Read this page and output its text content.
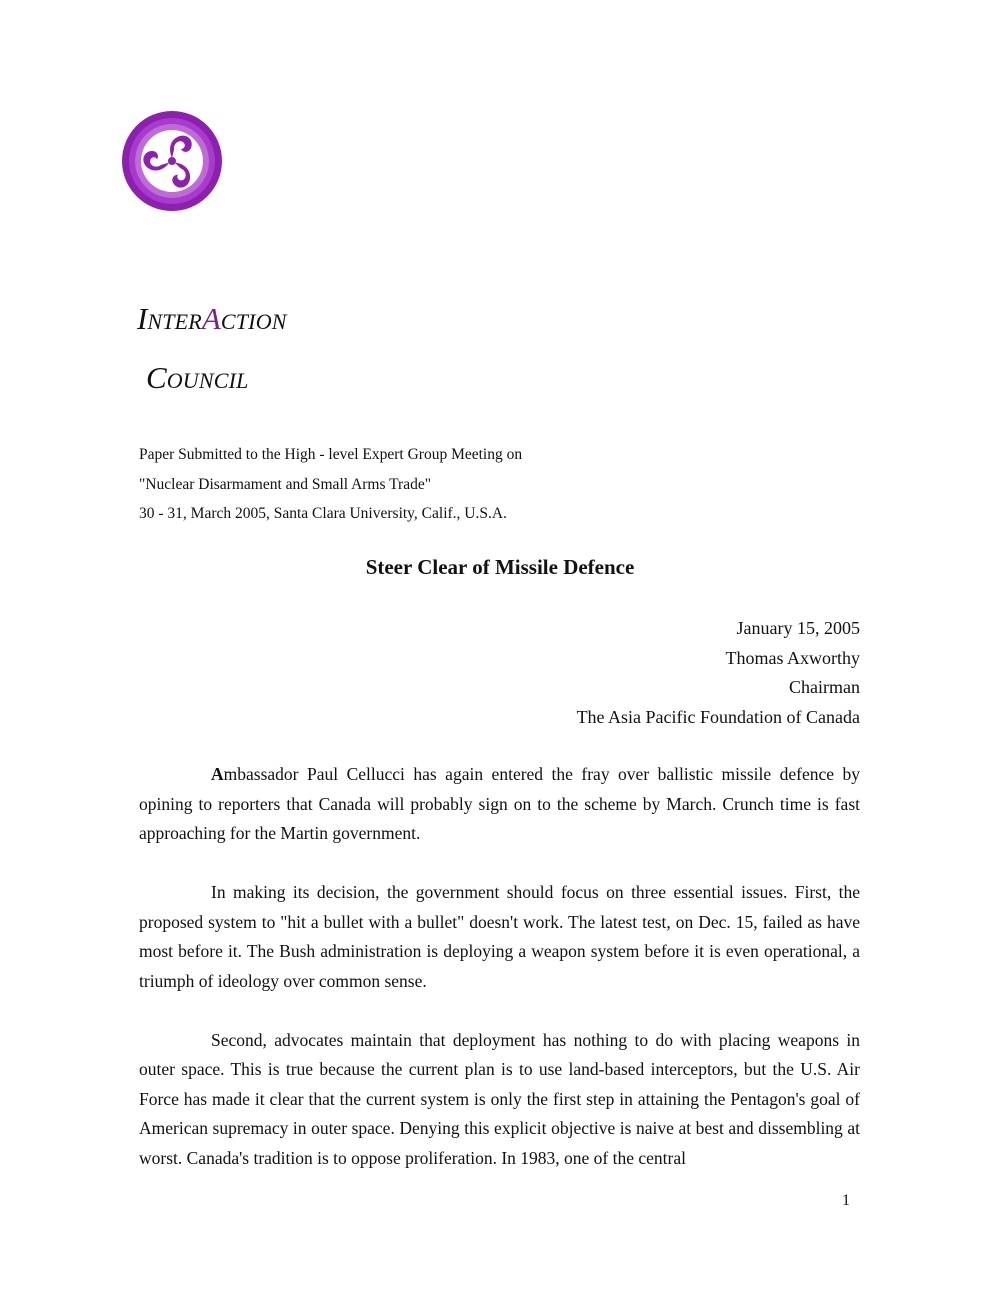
INTERACTION
COUNCIL
Paper Submitted to the High - level Expert Group Meeting on
"Nuclear Disarmament and Small Arms Trade"
30 - 31, March 2005, Santa Clara University, Calif., U.S.A.
Steer Clear of Missile Defence
January 15, 2005
Thomas Axworthy
Chairman
The Asia Pacific Foundation of Canada

Ambassador Paul Cellucci has again entered the fray over ballistic missile defence by opining to reporters that Canada will probably sign on to the scheme by March. Crunch time is fast approaching for the Martin government.

In making its decision, the government should focus on three essential issues. First, the proposed system to "hit a bullet with a bullet" doesn't work. The latest test, on Dec. 15, failed as have most before it. The Bush administration is deploying a weapon system before it is even operational, a triumph of ideology over common sense.

Second, advocates maintain that deployment has nothing to do with placing weapons in outer space. This is true because the current plan is to use land-based interceptors, but the U.S. Air Force has made it clear that the current system is only the first step in attaining the Pentagon's goal of American supremacy in outer space. Denying this explicit objective is naive at best and dissembling at worst. Canada's tradition is to oppose proliferation. In 1983, one of the central

1
